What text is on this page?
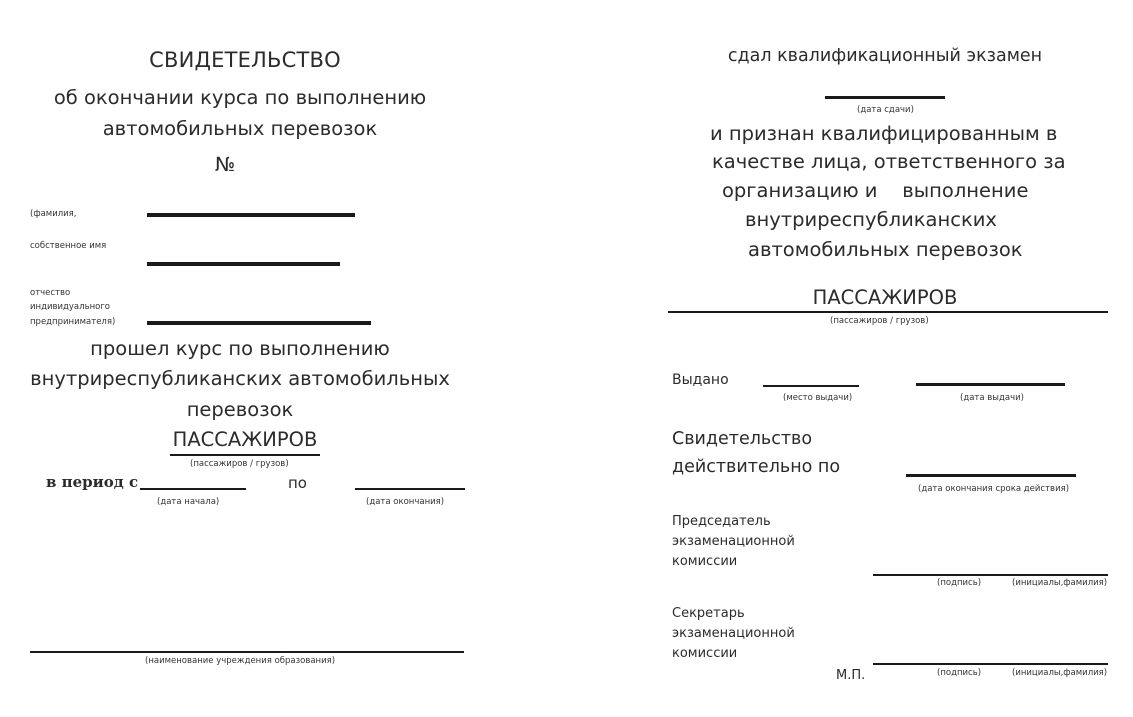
СВИДЕТЕЛЬСТВО
об окончании курса по выполнению
автомобильных перевозок
№
(фамилия,
собственное имя
отчество
индивидуального
предпринимателя)
прошел курс по выполнению
внутриреспубликанских автомобильных
перевозок
ПАССАЖИРОВ
(пассажиров / грузов)
в период с
(дата начала)
по
(дата окончания)
(наименование учреждения образования)
сдал квалификационный экзамен
(дата сдачи)
и признан квалифицированным в
качестве лица, ответственного за
организацию и    выполнение
внутриреспубликанских
автомобильных перевозок
ПАССАЖИРОВ
(пассажиров / грузов)
Выдано
(место выдачи)	(дата выдачи)
Свидетельство
действительно по
(дата окончания срока действия)
Председатель
экзаменационной
комиссии
(подпись)	(инициалы,фамилия)
Секретарь
экзаменационной
комиссии
М.П.	(подпись)	(инициалы,фамилия)
